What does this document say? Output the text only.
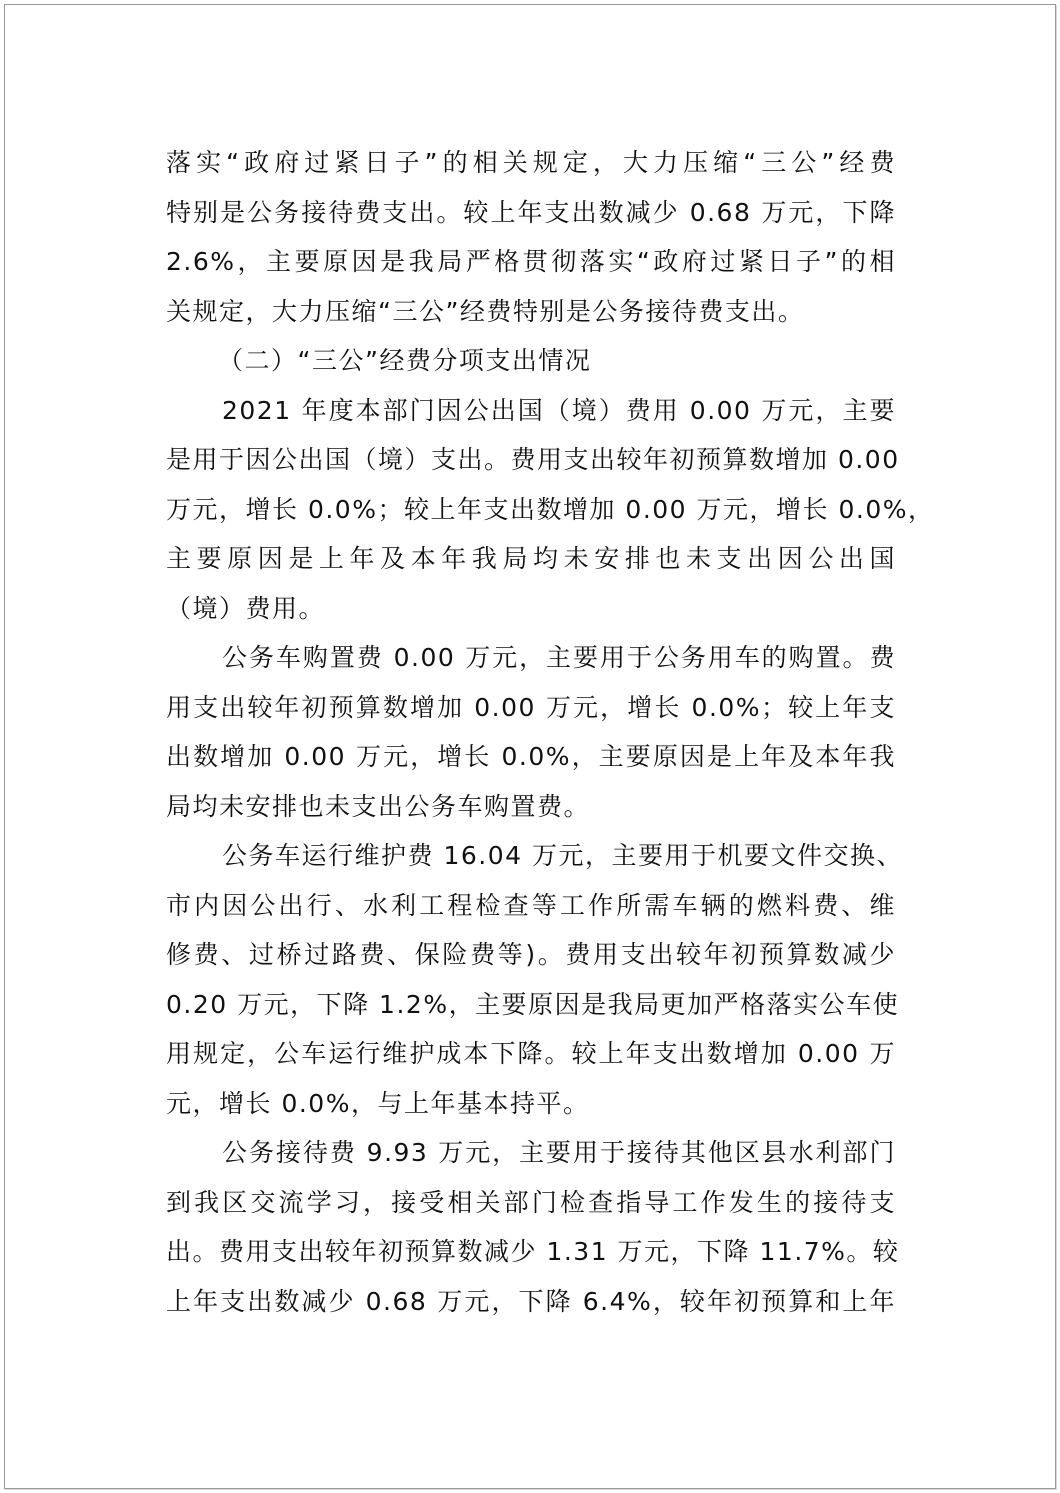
落实“政府过紧日子”的相关规定，大力压缩“三公”经费
特别是公务接待费支出。较上年支出数减少 0.68 万元，下降
2.6%，主要原因是我局严格贯彻落实“政府过紧日子”的相
关规定，大力压缩“三公”经费特别是公务接待费支出。
（二）“三公”经费分项支出情况
2021 年度本部门因公出国（境）费用 0.00 万元，主要
是用于因公出国（境）支出。费用支出较年初预算数增加 0.00
万元，增长 0.0%；较上年支出数增加 0.00 万元，增长 0.0%，
主要原因是上年及本年我局均未安排也未支出因公出国
（境）费用。
公务车购置费 0.00 万元，主要用于公务用车的购置。费
用支出较年初预算数增加 0.00 万元，增长 0.0%；较上年支
出数增加 0.00 万元，增长 0.0%，主要原因是上年及本年我
局均未安排也未支出公务车购置费。
公务车运行维护费 16.04 万元，主要用于机要文件交换、
市内因公出行、水利工程检查等工作所需车辆的燃料费、维
修费、过桥过路费、保险费等)。费用支出较年初预算数减少
0.20 万元，下降 1.2%，主要原因是我局更加严格落实公车使
用规定，公车运行维护成本下降。较上年支出数增加 0.00 万
元，增长 0.0%，与上年基本持平。
公务接待费 9.93 万元，主要用于接待其他区县水利部门
到我区交流学习，接受相关部门检查指导工作发生的接待支
出。费用支出较年初预算数减少 1.31 万元，下降 11.7%。较
上年支出数减少 0.68 万元，下降 6.4%，较年初预算和上年
